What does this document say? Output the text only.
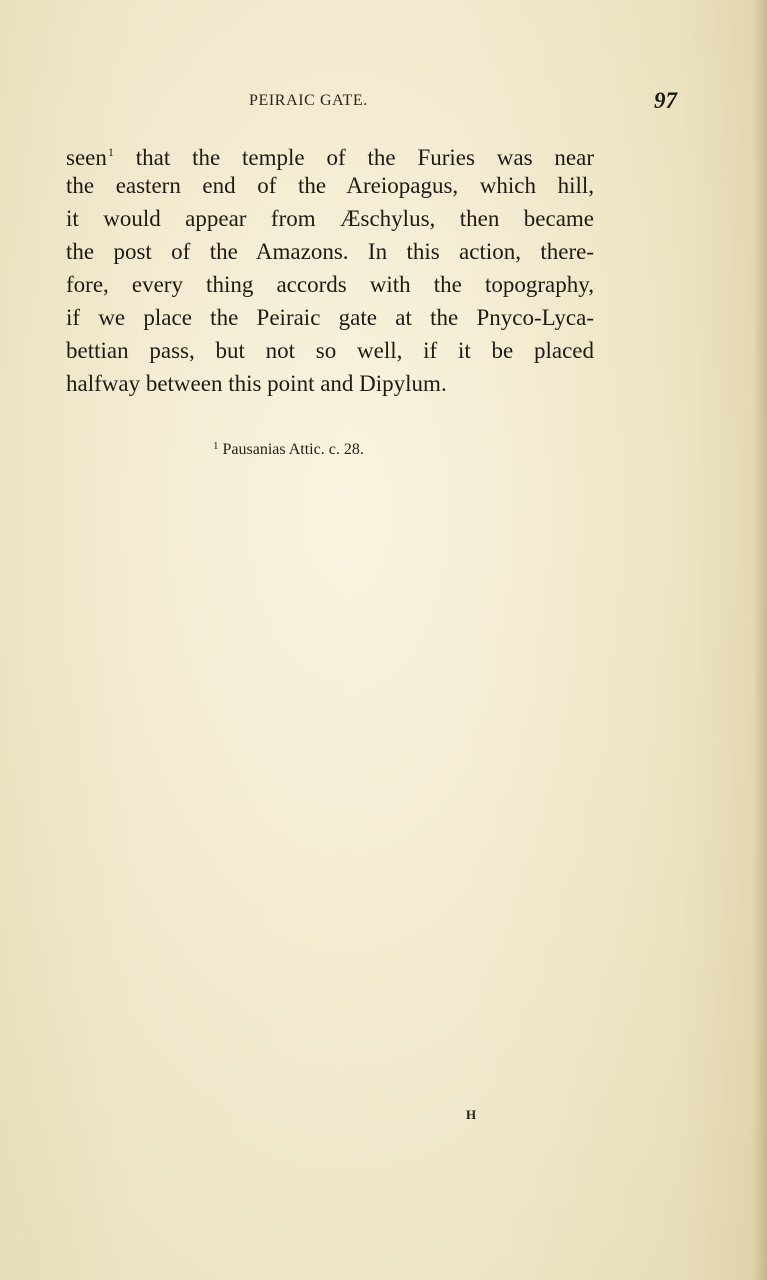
PEIRAIC GATE.	97
seen$^1$ that the temple of the Furies was near
the eastern end of the Areiopagus, which hill,
it would appear from Æschylus, then became
the post of the Amazons. In this action, there-
fore, every thing accords with the topography,
if we place the Peiraic gate at the Pnyco-Lyca-
bettian pass, but not so well, if it be placed
halfway between this point and Dipylum.
$^1$ Pausanias Attic. c. 28.
H
